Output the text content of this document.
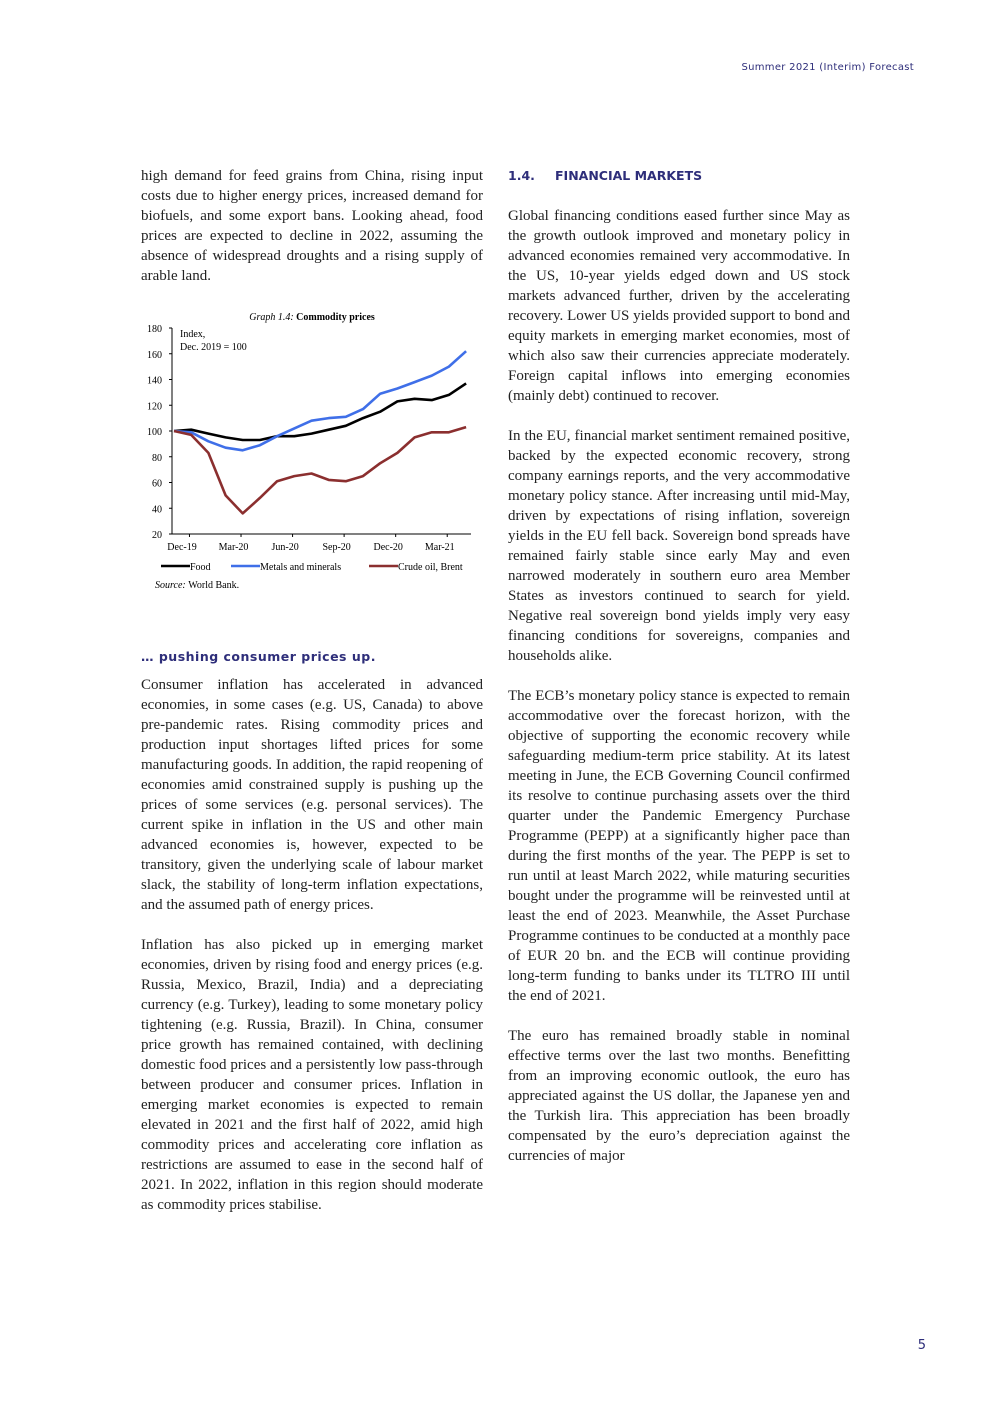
Summer 2021 (Interim) Forecast

high demand for feed grains from China, rising input costs due to higher energy prices, increased demand for biofuels, and some export bans. Looking ahead, food prices are expected to decline in 2022, assuming the absence of widespread droughts and a rising supply of arable land.

Graph 1.4: Commodity prices
Index,
Dec. 2019 = 100
20
40
60
80
100
120
140
160
180
Dec-19 Mar-20 Jun-20 Sep-20 Dec-20 Mar-21
Food	Metals and minerals	Crude oil, Brent
Source: World Bank.
… pushing consumer prices up.

Consumer inflation has accelerated in advanced economies, in some cases (e.g. US, Canada) to above pre-pandemic rates. Rising commodity prices and production input shortages lifted prices for some manufacturing goods. In addition, the rapid reopening of economies amid constrained supply is pushing up the prices of some services (e.g. personal services). The current spike in inflation in the US and other main advanced economies is, however, expected to be transitory, given the underlying scale of labour market slack, the stability of long-term inflation expectations, and the assumed path of energy prices.

Inflation has also picked up in emerging market economies, driven by rising food and energy prices (e.g. Russia, Mexico, Brazil, India) and a depreciating currency (e.g. Turkey), leading to some monetary policy tightening (e.g. Russia, Brazil). In China, consumer price growth has remained contained, with declining domestic food prices and a persistently low pass-through between producer and consumer prices. Inflation in emerging market economies is expected to remain elevated in 2021 and the first half of 2022, amid high commodity prices and accelerating core inflation as restrictions are assumed to ease in the second half of 2021. In 2022, inflation in this region should moderate as commodity prices stabilise.

1.4. FINANCIAL MARKETS

Global financing conditions eased further since May as the growth outlook improved and monetary policy in advanced economies remained very accommodative. In the US, 10-year yields edged down and US stock markets advanced further, driven by the accelerating recovery. Lower US yields provided support to bond and equity markets in emerging market economies, most of which also saw their currencies appreciate moderately. Foreign capital inflows into emerging economies (mainly debt) continued to recover.

In the EU, financial market sentiment remained positive, backed by the expected economic recovery, strong company earnings reports, and the very accommodative monetary policy stance. After increasing until mid-May, driven by expectations of rising inflation, sovereign yields in the EU fell back. Sovereign bond spreads have remained fairly stable since early May and even narrowed moderately in southern euro area Member States as investors continued to search for yield. Negative real sovereign bond yields imply very easy financing conditions for sovereigns, companies and households alike.

The ECB’s monetary policy stance is expected to remain accommodative over the forecast horizon, with the objective of supporting the economic recovery while safeguarding medium-term price stability. At its latest meeting in June, the ECB Governing Council confirmed its resolve to continue purchasing assets over the third quarter under the Pandemic Emergency Purchase Programme (PEPP) at a significantly higher pace than during the first months of the year. The PEPP is set to run until at least March 2022, while maturing securities bought under the programme will be reinvested until at least the end of 2023. Meanwhile, the Asset Purchase Programme continues to be conducted at a monthly pace of EUR 20 bn. and the ECB will continue providing long-term funding to banks under its TLTRO III until the end of 2021.

The euro has remained broadly stable in nominal effective terms over the last two months. Benefitting from an improving economic outlook, the euro has appreciated against the US dollar, the Japanese yen and the Turkish lira. This appreciation has been broadly compensated by the euro’s depreciation against the currencies of major

5
